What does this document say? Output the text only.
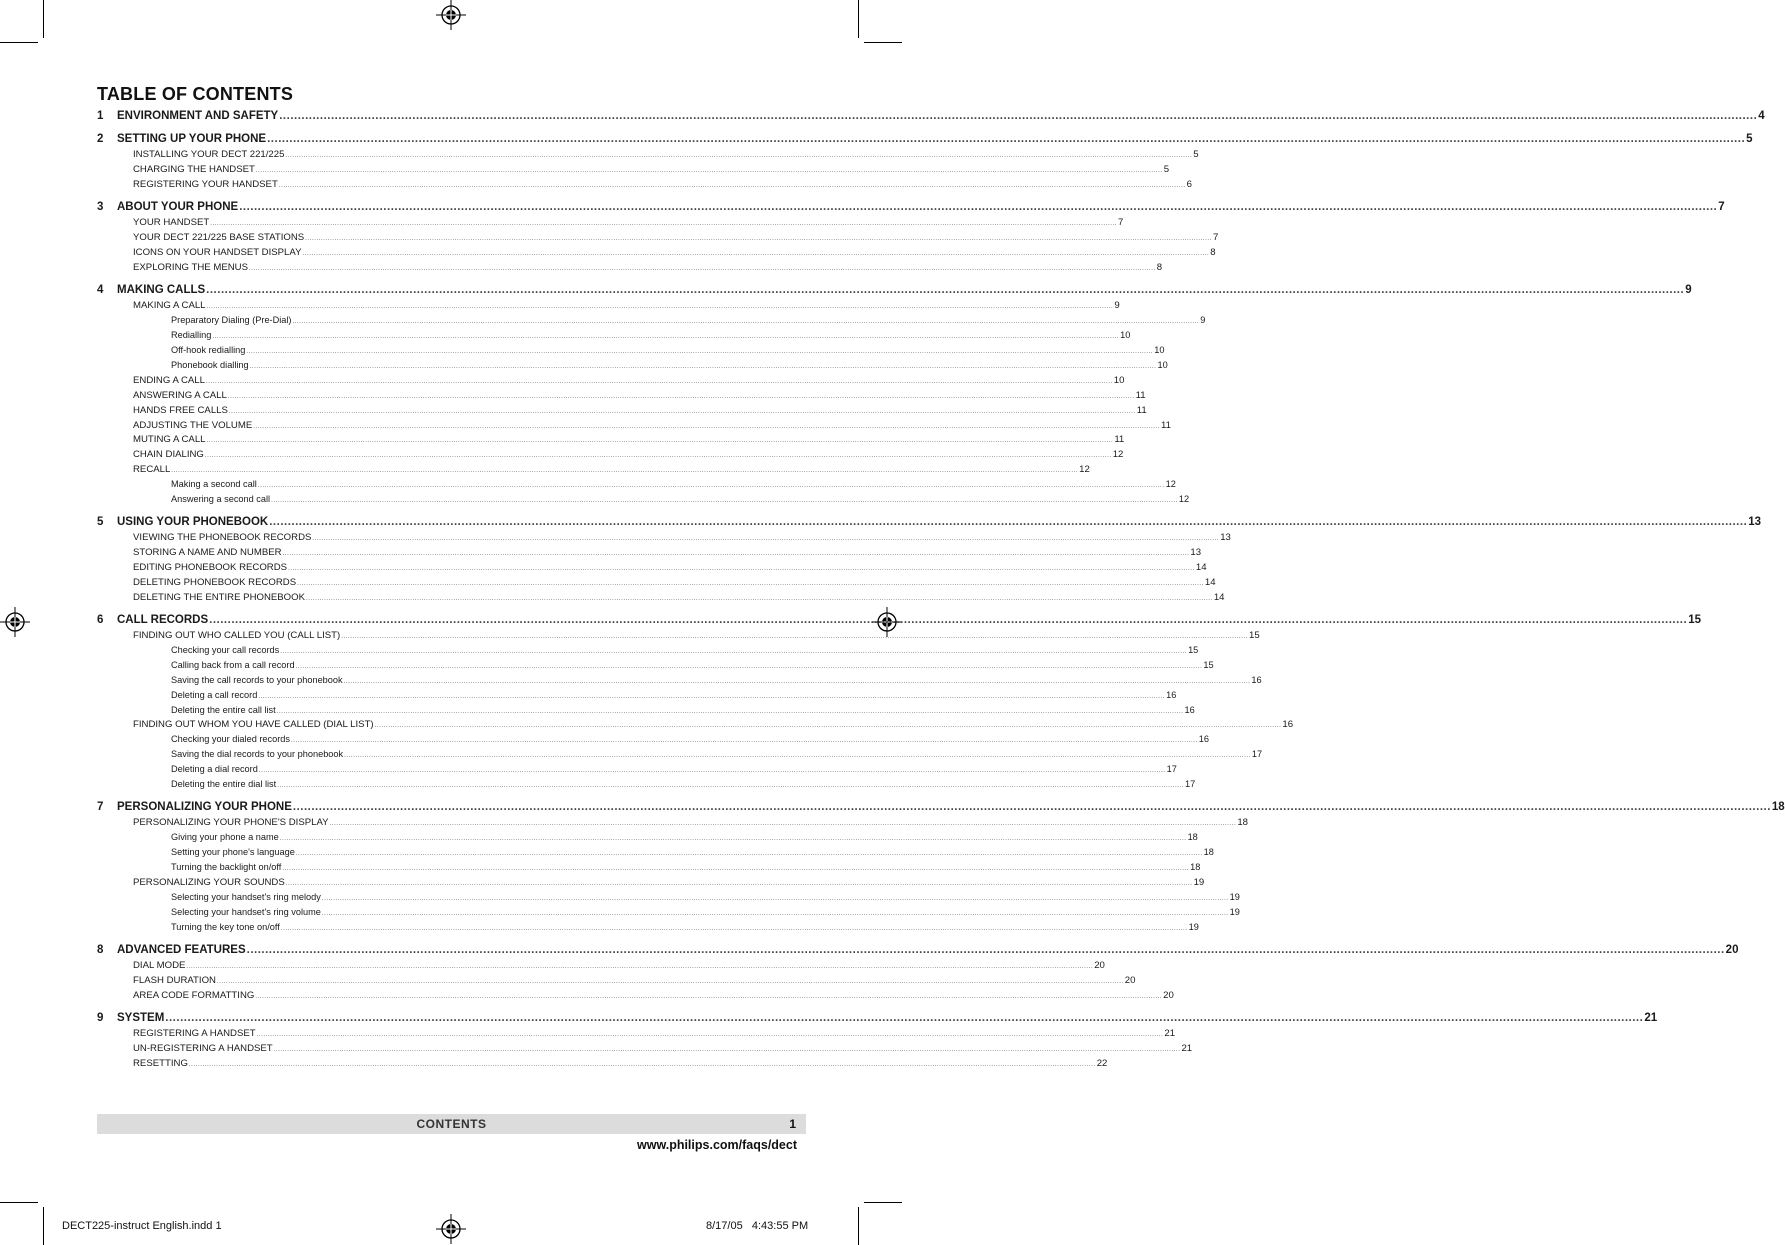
TABLE OF CONTENTS
1 ENVIRONMENT AND SAFETY ................................................................................................................................................................................................................................................................................................................................................................................................................ 4
2 SETTING UP YOUR PHONE ................................................................................................................................................................................................................................................................................................................................................................................................................ 5
INSTALLING YOUR DECT 221/225 ................................................................................................................................................................................................................................................................................................................................................................................................................ 5
CHARGING THE HANDSET ................................................................................................................................................................................................................................................................................................................................................................................................................ 5
REGISTERING YOUR HANDSET ................................................................................................................................................................................................................................................................................................................................................................................................................ 6
3 ABOUT YOUR PHONE ................................................................................................................................................................................................................................................................................................................................................................................................................ 7
YOUR HANDSET ................................................................................................................................................................................................................................................................................................................................................................................................................ 7
YOUR DECT 221/225 BASE STATIONS ................................................................................................................................................................................................................................................................................................................................................................................................................ 7
ICONS ON YOUR HANDSET DISPLAY ................................................................................................................................................................................................................................................................................................................................................................................................................ 8
EXPLORING THE MENUS ................................................................................................................................................................................................................................................................................................................................................................................................................ 8
4 MAKING CALLS ................................................................................................................................................................................................................................................................................................................................................................................................................ 9
MAKING A CALL ................................................................................................................................................................................................................................................................................................................................................................................................................ 9
Preparatory Dialing (Pre-Dial) ................................................................................................................................................................................................................................................................................................................................................................................................................ 9
Redialling ................................................................................................................................................................................................................................................................................................................................................................................................................ 10
Off-hook redialling ................................................................................................................................................................................................................................................................................................................................................................................................................ 10
Phonebook dialling ................................................................................................................................................................................................................................................................................................................................................................................................................ 10
ENDING A CALL ................................................................................................................................................................................................................................................................................................................................................................................................................ 10
ANSWERING A CALL ................................................................................................................................................................................................................................................................................................................................................................................................................ 11
HANDS FREE CALLS ................................................................................................................................................................................................................................................................................................................................................................................................................ 11
ADJUSTING THE VOLUME ................................................................................................................................................................................................................................................................................................................................................................................................................ 11
MUTING A CALL ................................................................................................................................................................................................................................................................................................................................................................................................................ 11
CHAIN DIALING ................................................................................................................................................................................................................................................................................................................................................................................................................ 12
RECALL ................................................................................................................................................................................................................................................................................................................................................................................................................ 12
Making a second call ................................................................................................................................................................................................................................................................................................................................................................................................................ 12
Answering a second call ................................................................................................................................................................................................................................................................................................................................................................................................................ 12
5 USING YOUR PHONEBOOK ................................................................................................................................................................................................................................................................................................................................................................................................................ 13
VIEWING THE PHONEBOOK RECORDS ................................................................................................................................................................................................................................................................................................................................................................................................................ 13
STORING A NAME AND NUMBER ................................................................................................................................................................................................................................................................................................................................................................................................................ 13
EDITING PHONEBOOK RECORDS ................................................................................................................................................................................................................................................................................................................................................................................................................ 14
DELETING PHONEBOOK RECORDS ................................................................................................................................................................................................................................................................................................................................................................................................................ 14
DELETING THE ENTIRE PHONEBOOK ................................................................................................................................................................................................................................................................................................................................................................................................................ 14
6 CALL RECORDS ................................................................................................................................................................................................................................................................................................................................................................................................................ 15
FINDING OUT WHO CALLED YOU (CALL LIST) ................................................................................................................................................................................................................................................................................................................................................................................................................ 15
Checking your call records ................................................................................................................................................................................................................................................................................................................................................................................................................ 15
Calling back from a call record ................................................................................................................................................................................................................................................................................................................................................................................................................ 15
Saving the call records to your phonebook ................................................................................................................................................................................................................................................................................................................................................................................................................ 16
Deleting a call record ................................................................................................................................................................................................................................................................................................................................................................................................................ 16
Deleting the entire call list ................................................................................................................................................................................................................................................................................................................................................................................................................ 16
FINDING OUT WHOM YOU HAVE CALLED (DIAL LIST) ................................................................................................................................................................................................................................................................................................................................................................................................................ 16
Checking your dialed records ................................................................................................................................................................................................................................................................................................................................................................................................................ 16
Saving the dial records to your phonebook ................................................................................................................................................................................................................................................................................................................................................................................................................ 17
Deleting a dial record ................................................................................................................................................................................................................................................................................................................................................................................................................ 17
Deleting the entire dial list ................................................................................................................................................................................................................................................................................................................................................................................................................ 17
7 PERSONALIZING YOUR PHONE ................................................................................................................................................................................................................................................................................................................................................................................................................ 18
PERSONALIZING YOUR PHONE'S DISPLAY ................................................................................................................................................................................................................................................................................................................................................................................................................ 18
Giving your phone a name ................................................................................................................................................................................................................................................................................................................................................................................................................ 18
Setting your phone's language ................................................................................................................................................................................................................................................................................................................................................................................................................ 18
Turning the backlight on/off ................................................................................................................................................................................................................................................................................................................................................................................................................ 18
PERSONALIZING YOUR SOUNDS ................................................................................................................................................................................................................................................................................................................................................................................................................ 19
Selecting your handset's ring melody ................................................................................................................................................................................................................................................................................................................................................................................................................ 19
Selecting your handset's ring volume ................................................................................................................................................................................................................................................................................................................................................................................................................ 19
Turning the key tone on/off ................................................................................................................................................................................................................................................................................................................................................................................................................ 19
8 ADVANCED FEATURES ................................................................................................................................................................................................................................................................................................................................................................................................................ 20
DIAL MODE ................................................................................................................................................................................................................................................................................................................................................................................................................ 20
FLASH DURATION ................................................................................................................................................................................................................................................................................................................................................................................................................ 20
AREA CODE FORMATTING ................................................................................................................................................................................................................................................................................................................................................................................................................ 20
9 SYSTEM ................................................................................................................................................................................................................................................................................................................................................................................................................ 21
REGISTERING A HANDSET ................................................................................................................................................................................................................................................................................................................................................................................................................ 21
UN-REGISTERING A HANDSET ................................................................................................................................................................................................................................................................................................................................................................................................................ 21
RESETTING ................................................................................................................................................................................................................................................................................................................................................................................................................ 22
CONTENTS	1
www.philips.com/faqs/dect
DECT225-instruct English.indd 1	8/17/05   4:43:55 PM
